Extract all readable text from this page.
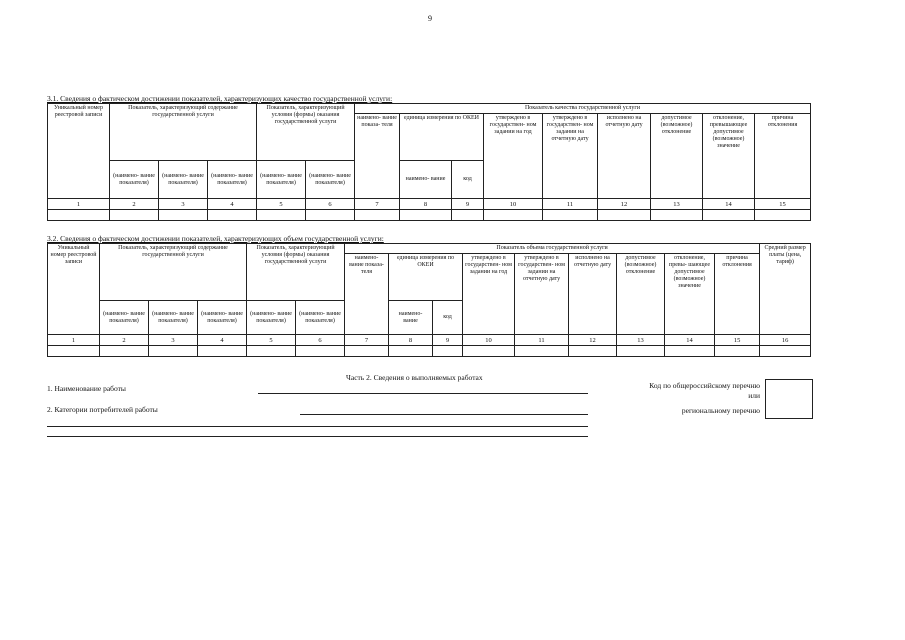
9
3.1. Сведения о фактическом достижении показателей, характеризующих качество государственной услуги:
Уникальный номер реестровой записи	Показатель, характеризующий содержание государственной услуги			Показатель, характеризующий условия (формы) оказания государственной услуги		Показатель качества государственной услуги								
						наимено- вание показа- теля	единица измерения по ОКЕИ		утверждено в государствен- ном задании на год	утверждено в государствен- ном задании на отчетную дату	исполнено на отчетную дату	допустимое (возможное) отклонение	отклонение, превышающее допустимое (возможное) значение	причина отклонения
	(наимено- вание показателя)	(наимено- вание показателя)	(наимено- вание показателя)	(наимено- вание показателя)	(наимено- вание показателя)		наимено- вание	код						
1	2	3	4	5	6	7	8	9	10	11	12	13	14	15

3.2. Сведения о фактическом достижении показателей, характеризующих объем государственной услуги:
Уникальный номер реестровой записи	Показатель, характеризующий содержание государственной услуги			Показатель, характеризующий условия (формы) оказания государственной услуги		Показатель объема государственной услуги									Средний размер платы (цена, тариф)
						наимено- вание показа- теля	единица измерения по ОКЕИ		утверждено в государствен- ном задании на год	утверждено в государствен- ном задании на отчетную дату	исполнено на отчетную дату	допустимое (возможное) отклонение	отклонение, превы- шающее допустимое (возможное) значение	причина отклонения	
	(наимено- вание показателя)	(наимено- вание показателя)	(наимено- вание показателя)	(наимено- вание показателя)	(наимено- вание показателя)		наимено- вание	код							
1	2	3	4	5	6	7	8	9	10	11	12	13	14	15	16

Часть 2. Сведения о выполняемых работах
1. Наименование работы
2. Категории потребителей работы
Код по общероссийскому перечню или
региональному перечню
